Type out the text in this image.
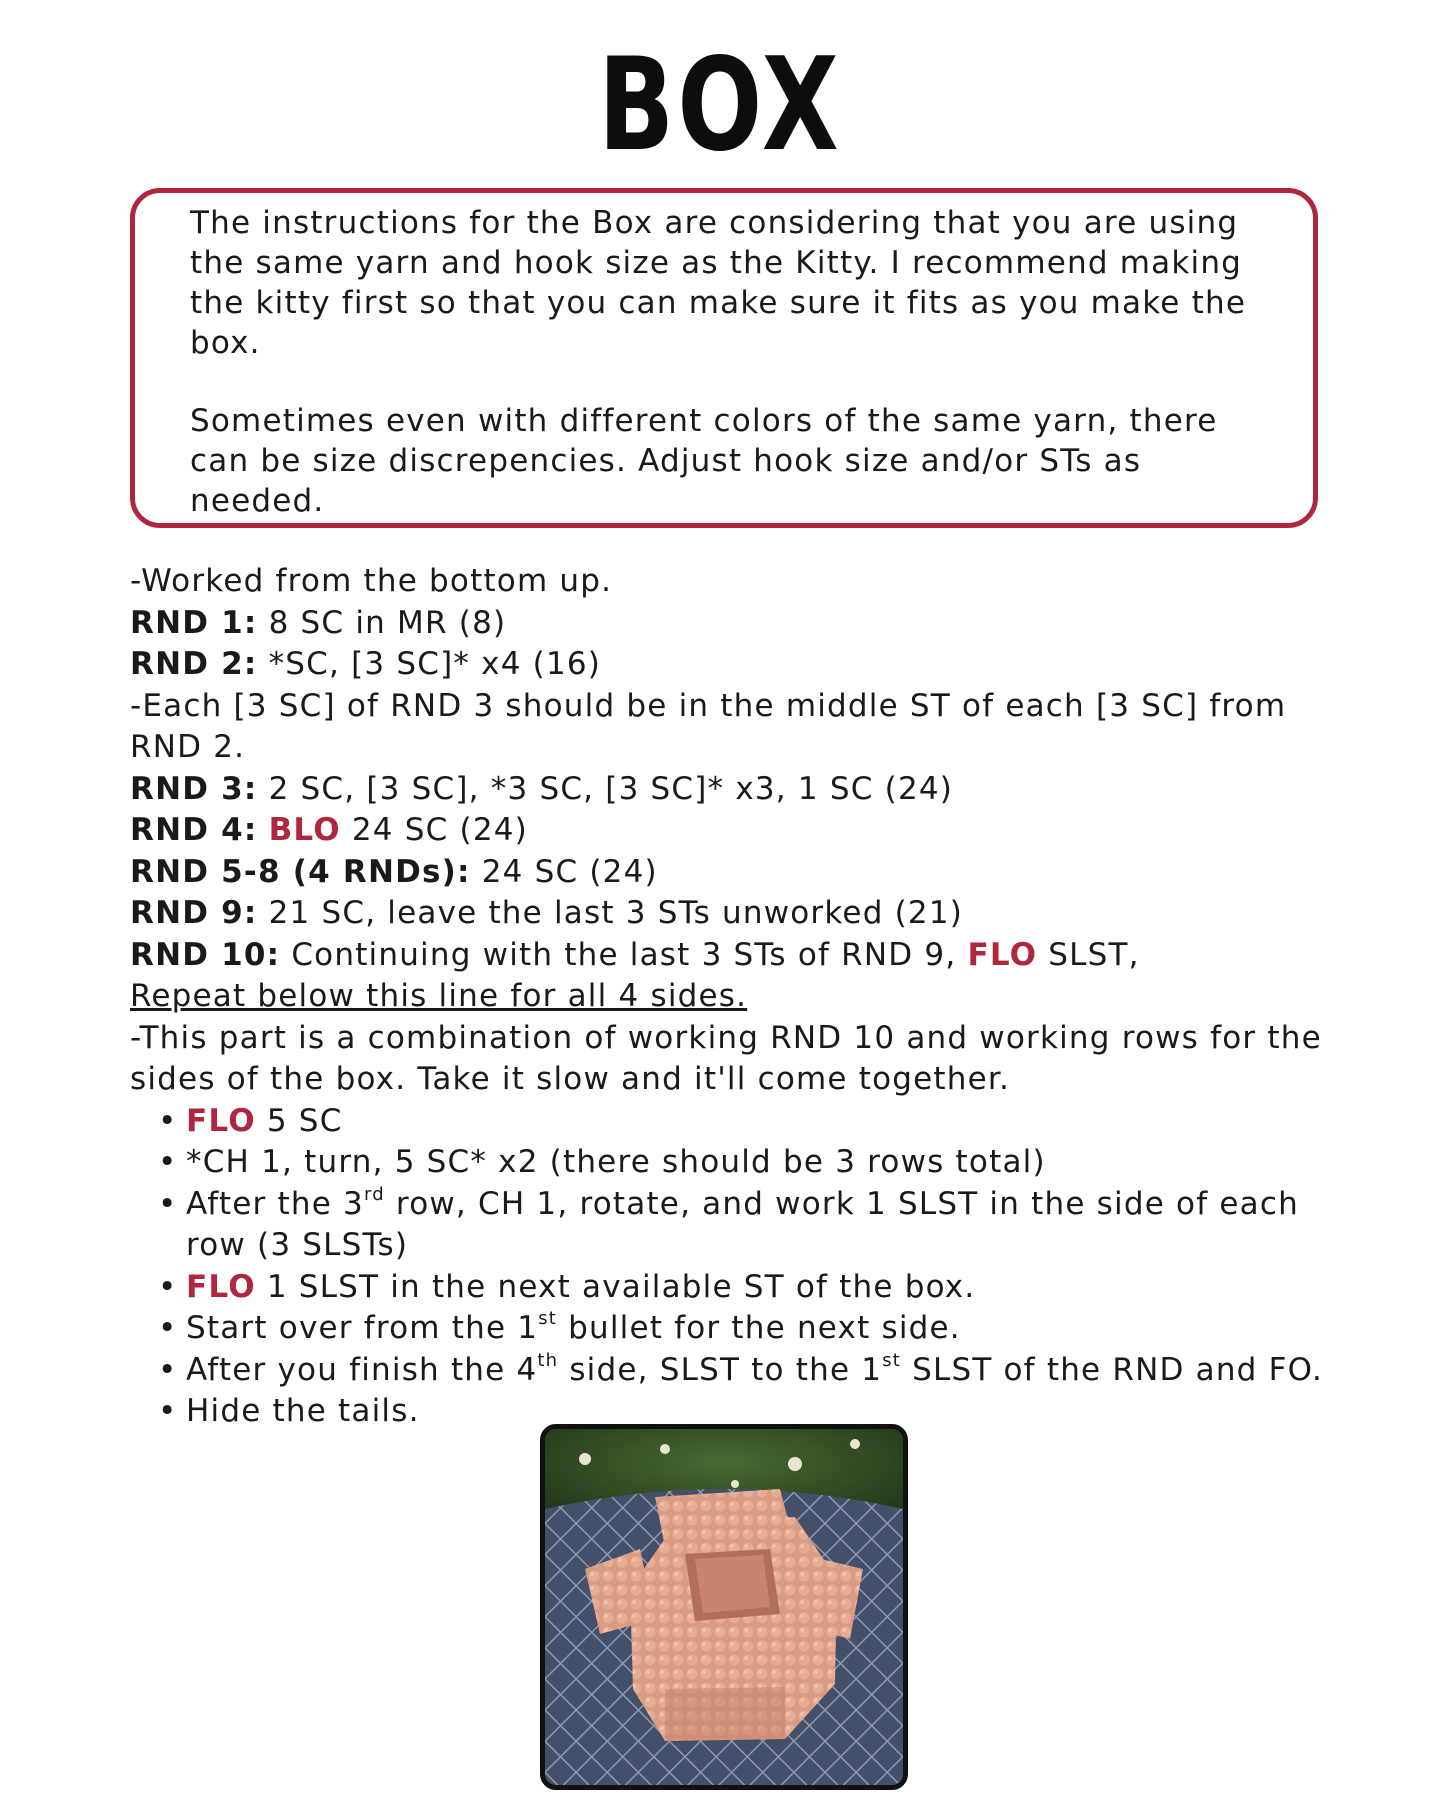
BOX

The instructions for the Box are considering that you are using the same yarn and hook size as the Kitty. I recommend making the kitty first so that you can make sure it fits as you make the box.

Sometimes even with different colors of the same yarn, there can be size discrepencies. Adjust hook size and/or STs as needed.

-Worked from the bottom up.
RND 1: 8 SC in MR (8)
RND 2: *SC, [3 SC]* x4 (16)
-Each [3 SC] of RND 3 should be in the middle ST of each [3 SC] from RND 2.
RND 3: 2 SC, [3 SC], *3 SC, [3 SC]* x3, 1 SC (24)
RND 4: BLO 24 SC (24)
RND 5-8 (4 RNDs): 24 SC (24)
RND 9: 21 SC, leave the last 3 STs unworked (21)
RND 10: Continuing with the last 3 STs of RND 9, FLO SLST,
Repeat below this line for all 4 sides.
-This part is a combination of working RND 10 and working rows for the sides of the box. Take it slow and it'll come together.
• FLO 5 SC
• *CH 1, turn, 5 SC* x2 (there should be 3 rows total)
• After the 3rd row, CH 1, rotate, and work 1 SLST in the side of each row (3 SLSTs)
• FLO 1 SLST in the next available ST of the box.
• Start over from the 1st bullet for the next side.
• After you finish the 4th side, SLST to the 1st SLST of the RND and FO.
• Hide the tails.
